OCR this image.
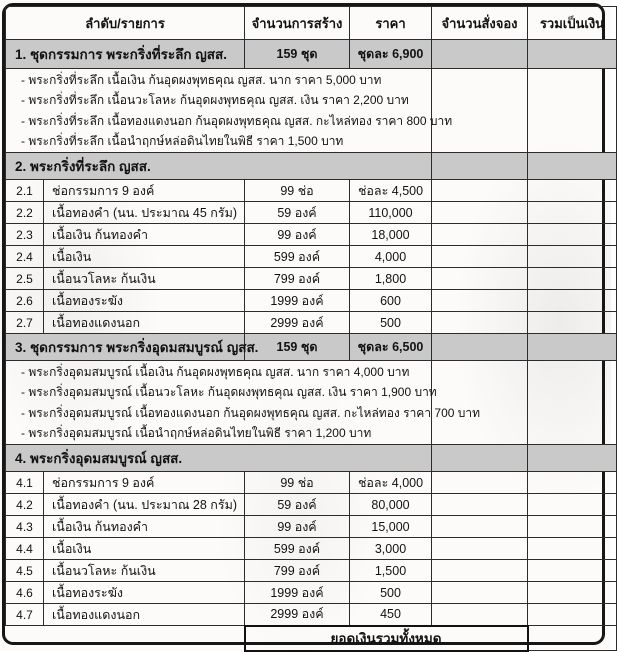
ลำดับ/รายการ		จำนวนการสร้าง	ราคา	จำนวนสั่งจอง	รวมเป็นเงิน
1. ชุดกรรมการ พระกริ่งที่ระลึก ญสส.		159 ชุด	ชุดละ 6,900		

- พระกริ่งที่ระลึก เนื้อเงิน ก้นอุดผงพุทธคุณ ญสส. นาก ราคา 5,000 บาท
- พระกริ่งที่ระลึก เนื้อนวะโลหะ ก้นอุดผงพุทธคุณ ญสส. เงิน ราคา 2,200 บาท
- พระกริ่งที่ระลึก เนื้อทองแดงนอก ก้นอุดผงพุทธคุณ ญสส. กะไหล่ทอง ราคา 800 บาท
- พระกริ่งที่ระลึก เนื้อนำฤกษ์หล่อดินไทยในพิธี ราคา 1,500 บาท					

2. พระกริ่งที่ระลึก ญสส.					
2.1	ช่อกรรมการ 9 องค์	99 ช่อ	ช่อละ 4,500		
2.2	เนื้อทองคำ (นน. ประมาณ 45 กรัม)	59 องค์	110,000		
2.3	เนื้อเงิน ก้นทองคำ	99 องค์	18,000		
2.4	เนื้อเงิน	599 องค์	4,000		
2.5	เนื้อนวโลหะ ก้นเงิน	799 องค์	1,800		
2.6	เนื้อทองระฆัง	1999 องค์	600		
2.7	เนื้อทองแดงนอก	2999 องค์	500		
3. ชุดกรรมการ พระกริ่งอุดมสมบูรณ์ ญสส.		159 ชุด	ชุดละ 6,500		

- พระกริ่งอุดมสมบูรณ์ เนื้อเงิน ก้นอุดผงพุทธคุณ ญสส. นาก ราคา 4,000 บาท
- พระกริ่งอุดมสมบูรณ์ เนื้อนวะโลหะ ก้นอุดผงพุทธคุณ ญสส. เงิน ราคา 1,900 บาท
- พระกริ่งอุดมสมบูรณ์ เนื้อทองแดงนอก ก้นอุดผงพุทธคุณ ญสส. กะไหล่ทอง ราคา 700 บาท
- พระกริ่งอุดมสมบูรณ์ เนื้อนำฤกษ์หล่อดินไทยในพิธี ราคา 1,200 บาท					

4. พระกริ่งอุดมสมบูรณ์ ญสส.					
4.1	ช่อกรรมการ 9 องค์	99 ช่อ	ช่อละ 4,000		
4.2	เนื้อทองคำ (นน. ประมาณ 28 กรัม)	59 องค์	80,000		
4.3	เนื้อเงิน ก้นทองคำ	99 องค์	15,000		
4.4	เนื้อเงิน	599 องค์	3,000		
4.5	เนื้อนวโลหะ ก้นเงิน	799 องค์	1,500		
4.6	เนื้อทองระฆัง	1999 องค์	500		
4.7	เนื้อทองแดงนอก	2999 องค์	450		
		ยอดเงินรวมทั้งหมด			
